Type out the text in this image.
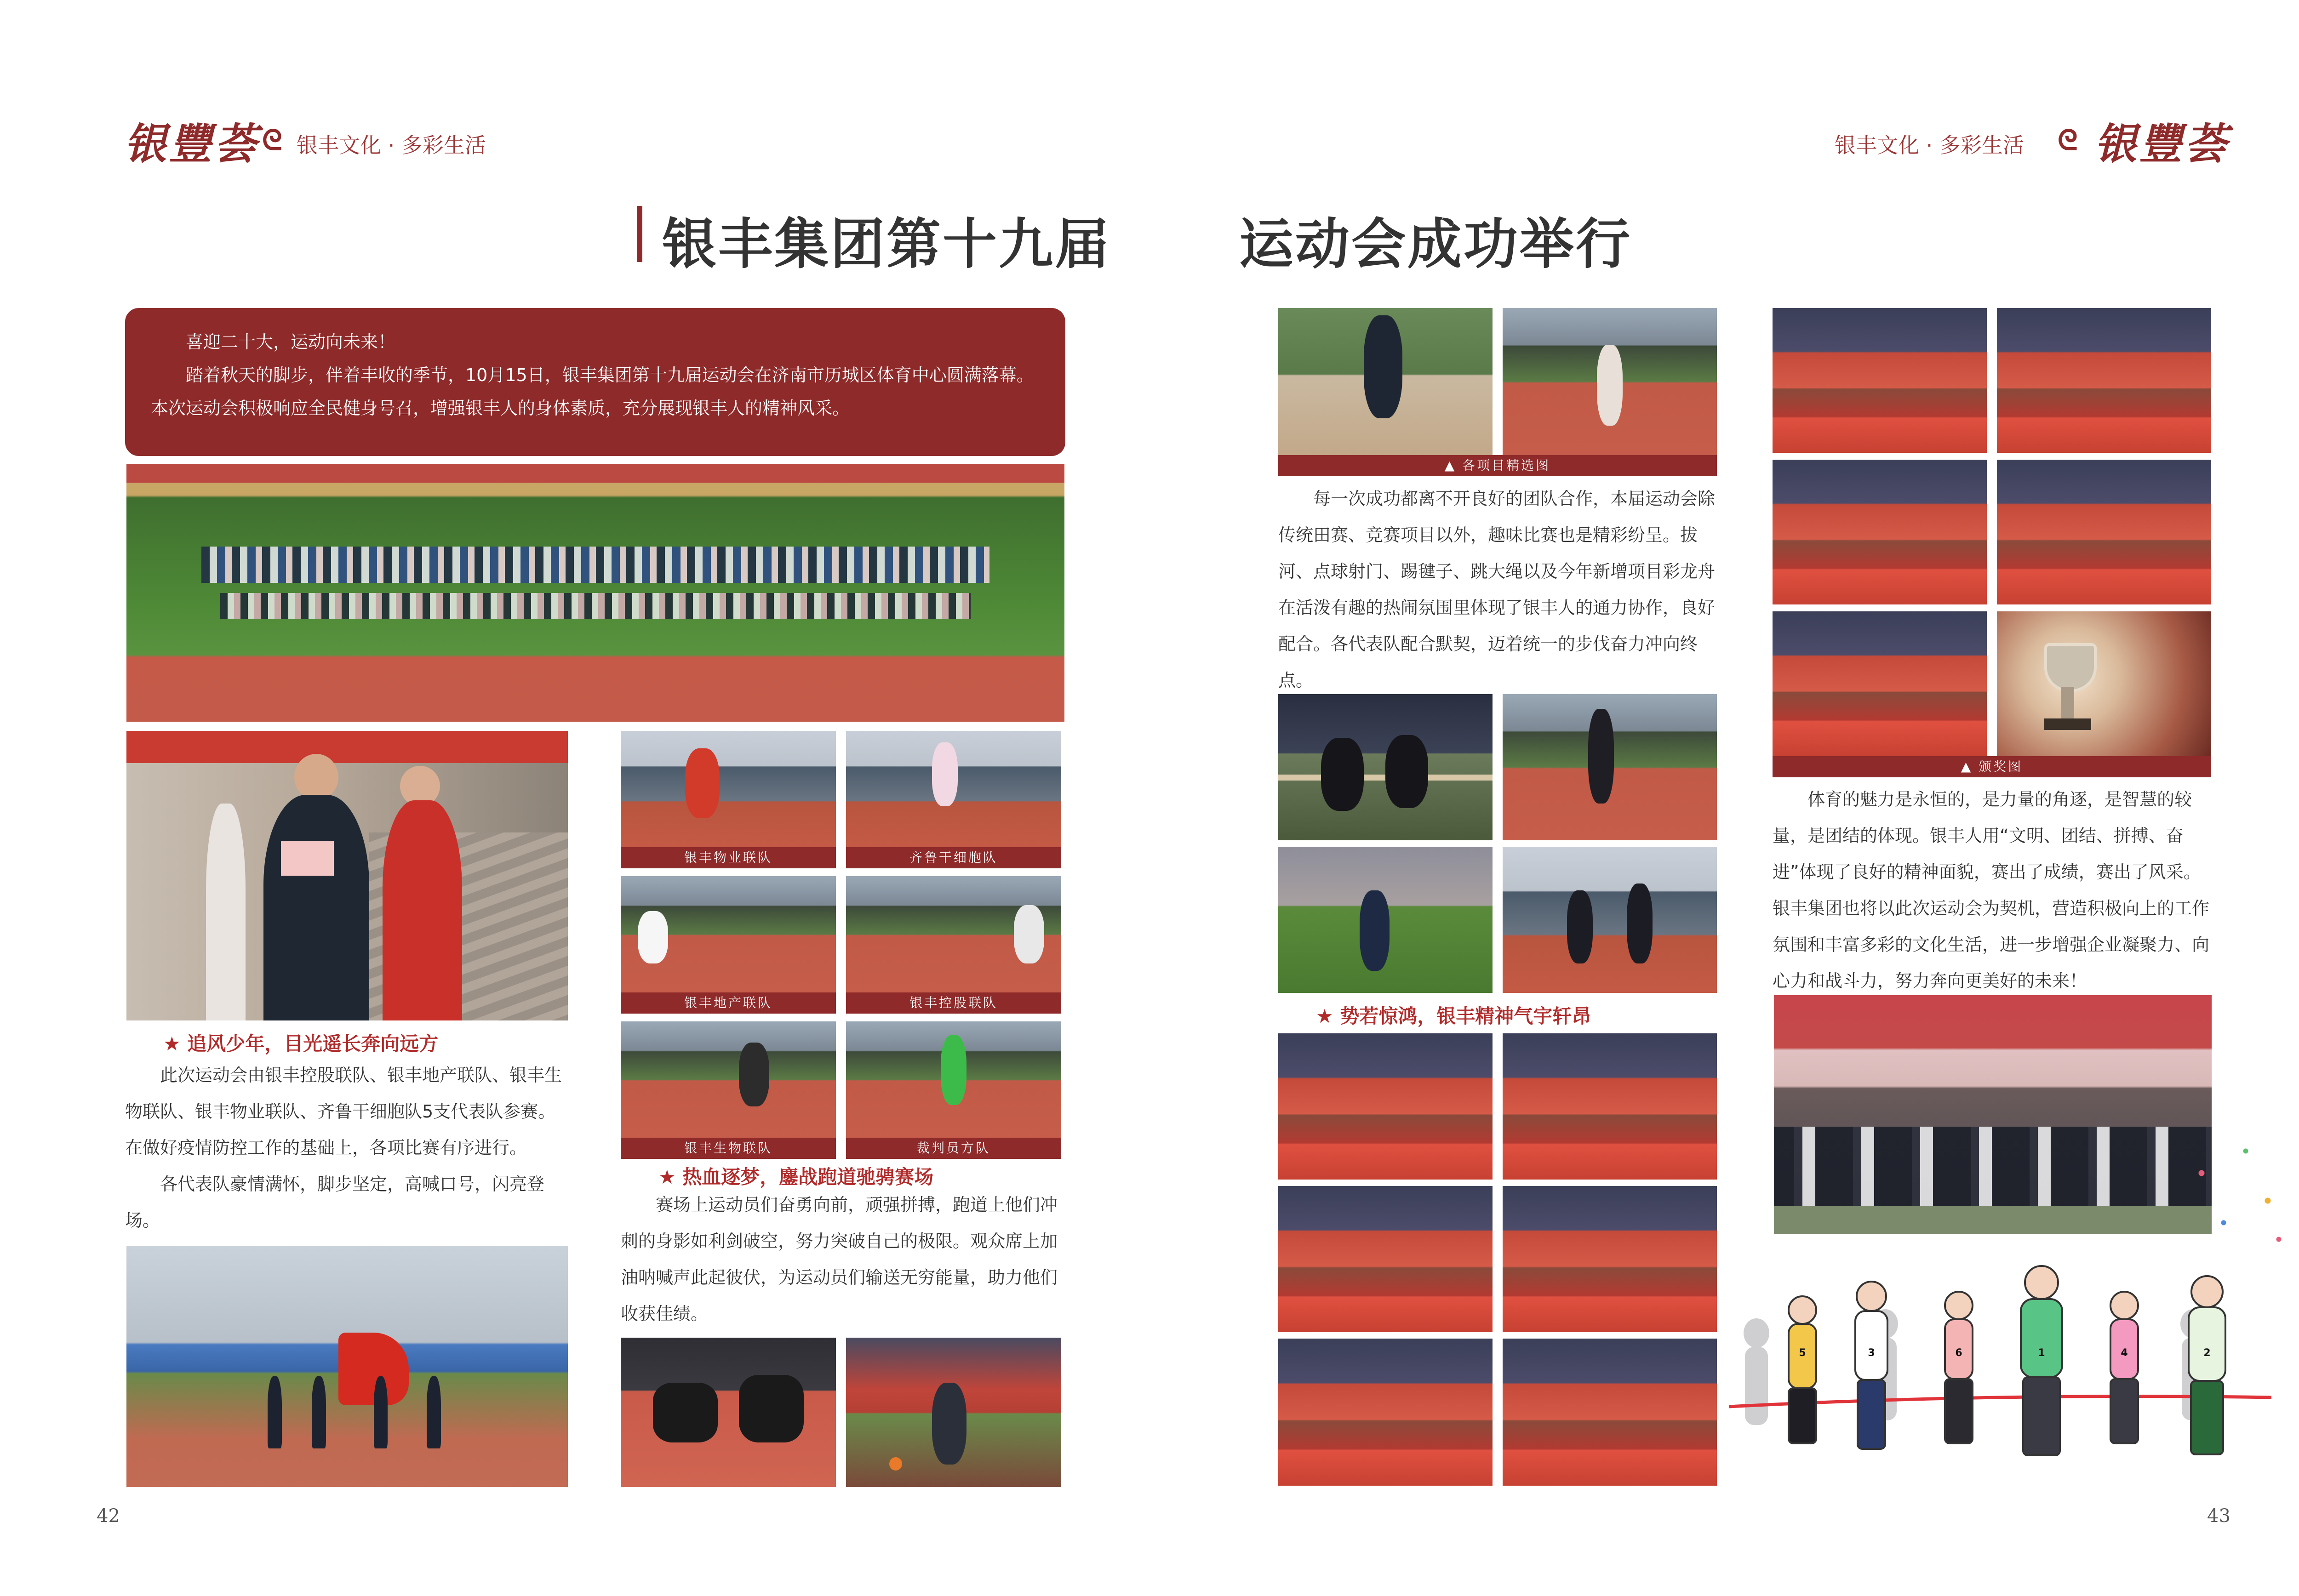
银豐荟 ᘓ 银丰文化 · 多彩生活	银丰文化 · 多彩生活 ᘓ 银豐荟
银丰集团第十九届 运动会成功举行

喜迎二十大，运动向未来！

踏着秋天的脚步，伴着丰收的季节，10月15日，银丰集团第十九届运动会在济南市历城区体育中心圆满落幕。本次运动会积极响应全民健身号召，增强银丰人的身体素质，充分展现银丰人的精神风采。

★ 追风少年，目光遥长奔向远方

此次运动会由银丰控股联队、银丰地产联队、银丰生物联队、银丰物业联队、齐鲁干细胞队5支代表队参赛。在做好疫情防控工作的基础上，各项比赛有序进行。

各代表队豪情满怀，脚步坚定，高喊口号，闪亮登场。

银丰物业联队	齐鲁干细胞队
银丰地产联队	银丰控股联队
银丰生物联队	裁判员方队
★ 热血逐梦，鏖战跑道驰骋赛场

赛场上运动员们奋勇向前，顽强拼搏，跑道上他们冲刺的身影如利剑破空，努力突破自己的极限。观众席上加油呐喊声此起彼伏，为运动员们输送无穷能量，助力他们收获佳绩。

▲ 各项目精选图

每一次成功都离不开良好的团队合作，本届运动会除传统田赛、竞赛项目以外，趣味比赛也是精彩纷呈。拔河、点球射门、踢毽子、跳大绳以及今年新增项目彩龙舟在活泼有趣的热闹氛围里体现了银丰人的通力协作，良好配合。各代表队配合默契，迈着统一的步伐奋力冲向终点。

★ 势若惊鸿，银丰精神气宇轩昂
▲ 颁奖图

体育的魅力是永恒的，是力量的角逐，是智慧的较量，是团结的体现。银丰人用“文明、团结、拼搏、奋进”体现了良好的精神面貌，赛出了成绩，赛出了风采。银丰集团也将以此次运动会为契机，营造积极向上的工作氛围和丰富多彩的文化生活，进一步增强企业凝聚力、向心力和战斗力，努力奔向更美好的未来！

5	3	6	1	4	2
42	43
